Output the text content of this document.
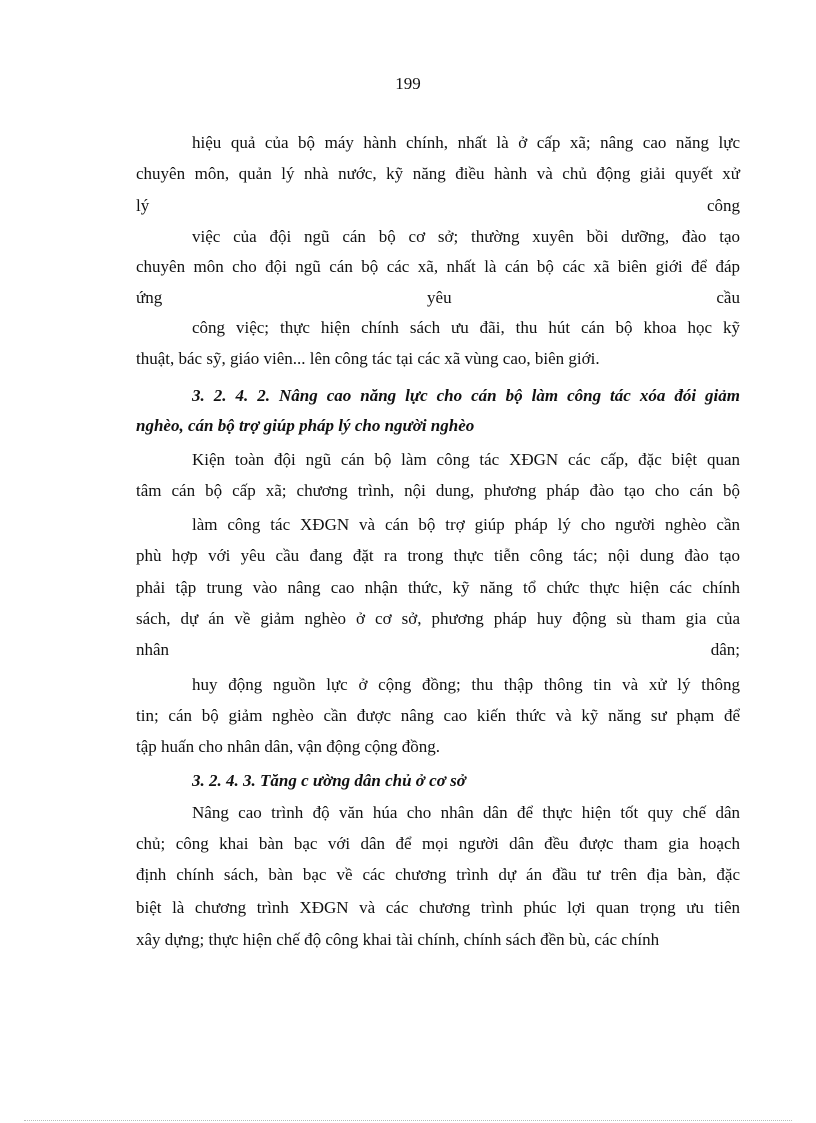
199
hiệu quả của bộ máy hành chính, nhất là ở cấp xã; nâng cao năng lực
chuyên môn, quản lý nhà nước, kỹ năng điều hành và chủ động giải quyết xử
lý	công
việc của đội ngũ cán bộ cơ sở; thường xuyên bồi dưỡng, đào tạo
chuyên môn cho đội ngũ cán bộ các xã, nhất là cán bộ các xã biên giới để đáp
ứng	yêu	cầu
công việc; thực hiện chính sách ưu đãi, thu hút cán bộ khoa học kỹ
thuật, bác sỹ, giáo viên... lên công tác tại các xã vùng cao, biên giới.
3. 2. 4. 2. Nâng cao năng lực cho cán bộ làm công tác xóa đói giảm
nghèo, cán bộ trợ giúp pháp lý cho người nghèo
Kiện toàn đội ngũ cán bộ làm công tác XĐGN các cấp, đặc biệt quan
tâm cán bộ cấp xã; chương trình, nội dung, phương pháp đào tạo cho cán bộ
làm công tác XĐGN và cán bộ trợ giúp pháp lý cho người nghèo cần
phù hợp với yêu cầu đang đặt ra trong thực tiễn công tác; nội dung đào tạo
phải tập trung vào nâng cao nhận thức, kỹ năng tổ chức thực hiện các chính
sách, dự án về giảm nghèo ở cơ sở, phương pháp huy động sù tham gia của
nhân	dân;
huy động nguồn lực ở cộng đồng; thu thập thông tin và xử lý thông
tin; cán bộ giảm nghèo cần được nâng cao kiến thức và kỹ năng sư phạm để
tập huấn cho nhân dân, vận động cộng đồng.
3. 2. 4. 3. Tăng c ường dân chủ ở cơ sở
Nâng cao trình độ văn húa cho nhân dân để thực hiện tốt quy chế dân
chủ; công khai bàn bạc với dân để mọi người dân đều được tham gia hoạch
định chính sách, bàn bạc về các chương trình dự án đầu tư trên địa bàn, đặc
biệt là chương trình XĐGN và các chương trình phúc lợi quan trọng ưu tiên
xây dựng; thực hiện chế độ công khai tài chính, chính sách đền bù, các chính
